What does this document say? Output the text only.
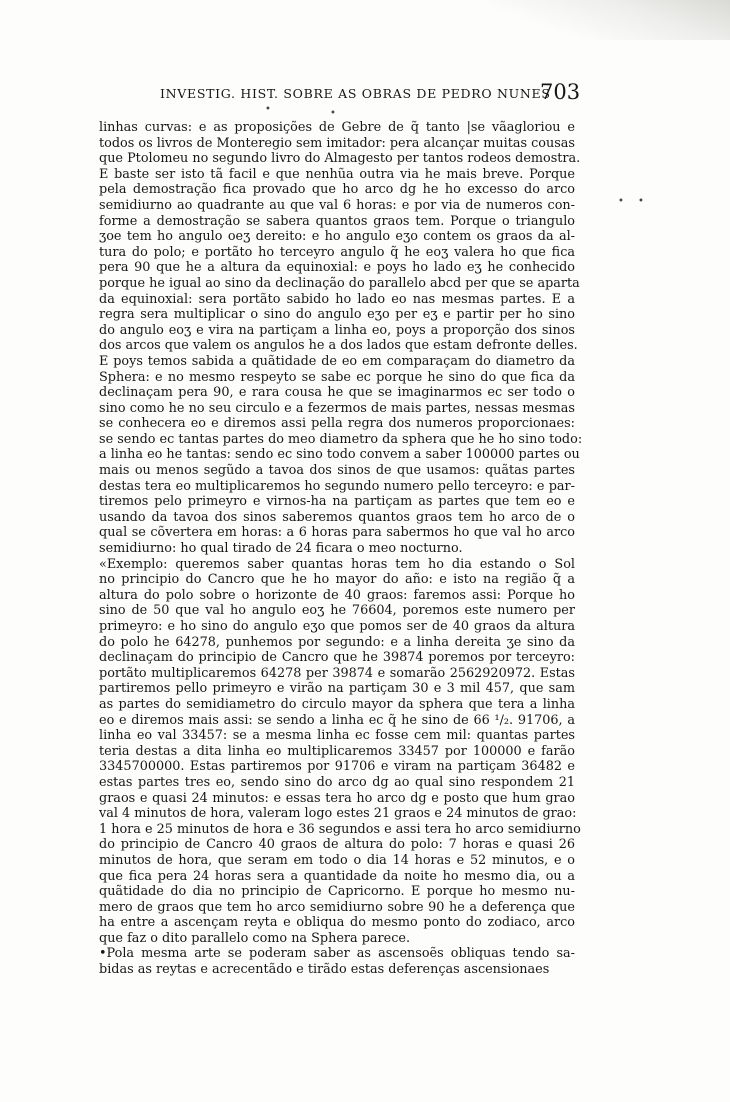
INVESTIG. HIST. SOBRE AS OBRAS DE PEDRO NUNES
703
linhas curvas: e as proposições de Gebre de q̃ tanto |se vãagloriou e
todos os livros de Monteregio sem imitador: pera alcançar muitas cousas
que Ptolomeu no segundo livro do Almagesto per tantos rodeos demostra.
E baste ser isto tã facil e que nenhũa outra via he mais breve. Porque
pela demostração fica provado que ho arco dg he ho excesso do arco
semidiurno ao quadrante au que val 6 horas: e por via de numeros con-
forme a demostração se sabera quantos graos tem. Porque o triangulo
ʒoe tem ho angulo oeʒ dereito: e ho angulo eʒo contem os graos da al-
tura do polo; e portãto ho terceyro angulo q̃ he eoʒ valera ho que fica
pera 90 que he a altura da equinoxial: e poys ho lado eʒ he conhecido
porque he igual ao sino da declinação do parallelo abcd per que se aparta
da equinoxial: sera portãto sabido ho lado eo nas mesmas partes. E a
regra sera multiplicar o sino do angulo eʒo per eʒ e partir per ho sino
do angulo eoʒ e vira na partiçam a linha eo, poys a proporção dos sinos
dos arcos que valem os angulos he a dos lados que estam defronte delles.
E poys temos sabida a quãtidade de eo em comparaçam do diametro da
Sphera: e no mesmo respeyto se sabe ec porque he sino do que fica da
declinaçam pera 90, e rara cousa he que se imaginarmos ec ser todo o
sino como he no seu circulo e a fezermos de mais partes, nessas mesmas
se conhecera eo e diremos assi pella regra dos numeros proporcionaes:
se sendo ec tantas partes do meo diametro da sphera que he ho sino todo:
a linha eo he tantas: sendo ec sino todo convem a saber 100000 partes ou
mais ou menos segũdo a tavoa dos sinos de que usamos: quãtas partes
destas tera eo multiplicaremos ho segundo numero pello terceyro: e par-
tiremos pelo primeyro e virnos-ha na partiçam as partes que tem eo e
usando da tavoa dos sinos saberemos quantos graos tem ho arco de o
qual se cõvertera em horas: a 6 horas para sabermos ho que val ho arco
semidiurno: ho qual tirado de 24 ficara o meo nocturno.
«Exemplo: queremos saber quantas horas tem ho dia estando o Sol
no principio do Cancro que he ho mayor do año: e isto na região q̃ a
altura do polo sobre o horizonte de 40 graos: faremos assi: Porque ho
sino de 50 que val ho angulo eoʒ he 76604, poremos este numero per
primeyro: e ho sino do angulo eʒo que pomos ser de 40 graos da altura
do polo he 64278, punhemos por segundo: e a linha dereita ʒe sino da
declinaçam do principio de Cancro que he 39874 poremos por terceyro:
portãto multiplicaremos 64278 per 39874 e somarão 2562920972. Estas
partiremos pello primeyro e virão na partiçam 30 e 3 mil 457, que sam
as partes do semidiametro do circulo mayor da sphera que tera a linha
eo e diremos mais assi: se sendo a linha ec q̃ he sino de 66 ¹/₂. 91706, a
linha eo val 33457: se a mesma linha ec fosse cem mil: quantas partes
teria destas a dita linha eo multiplicaremos 33457 por 100000 e farão
3345700000. Estas partiremos por 91706 e viram na partiçam 36482 e
estas partes tres eo, sendo sino do arco dg ao qual sino respondem 21
graos e quasi 24 minutos: e essas tera ho arco dg e posto que hum grao
val 4 minutos de hora, valeram logo estes 21 graos e 24 minutos de grao:
1 hora e 25 minutos de hora e 36 segundos e assi tera ho arco semidiurno
do principio de Cancro 40 graos de altura do polo: 7 horas e quasi 26
minutos de hora, que seram em todo o dia 14 horas e 52 minutos, e o
que fica pera 24 horas sera a quantidade da noite ho mesmo dia, ou a
quãtidade do dia no principio de Capricorno. E porque ho mesmo nu-
mero de graos que tem ho arco semidiurno sobre 90 he a deferença que
ha entre a ascençam reyta e obliqua do mesmo ponto do zodiaco, arco
que faz o dito parallelo como na Sphera parece.
•Pola mesma arte se poderam saber as ascensoẽs obliquas tendo sa-
bidas as reytas e acrecentãdo e tirãdo estas deferenças ascensionaes
•	•
• •
